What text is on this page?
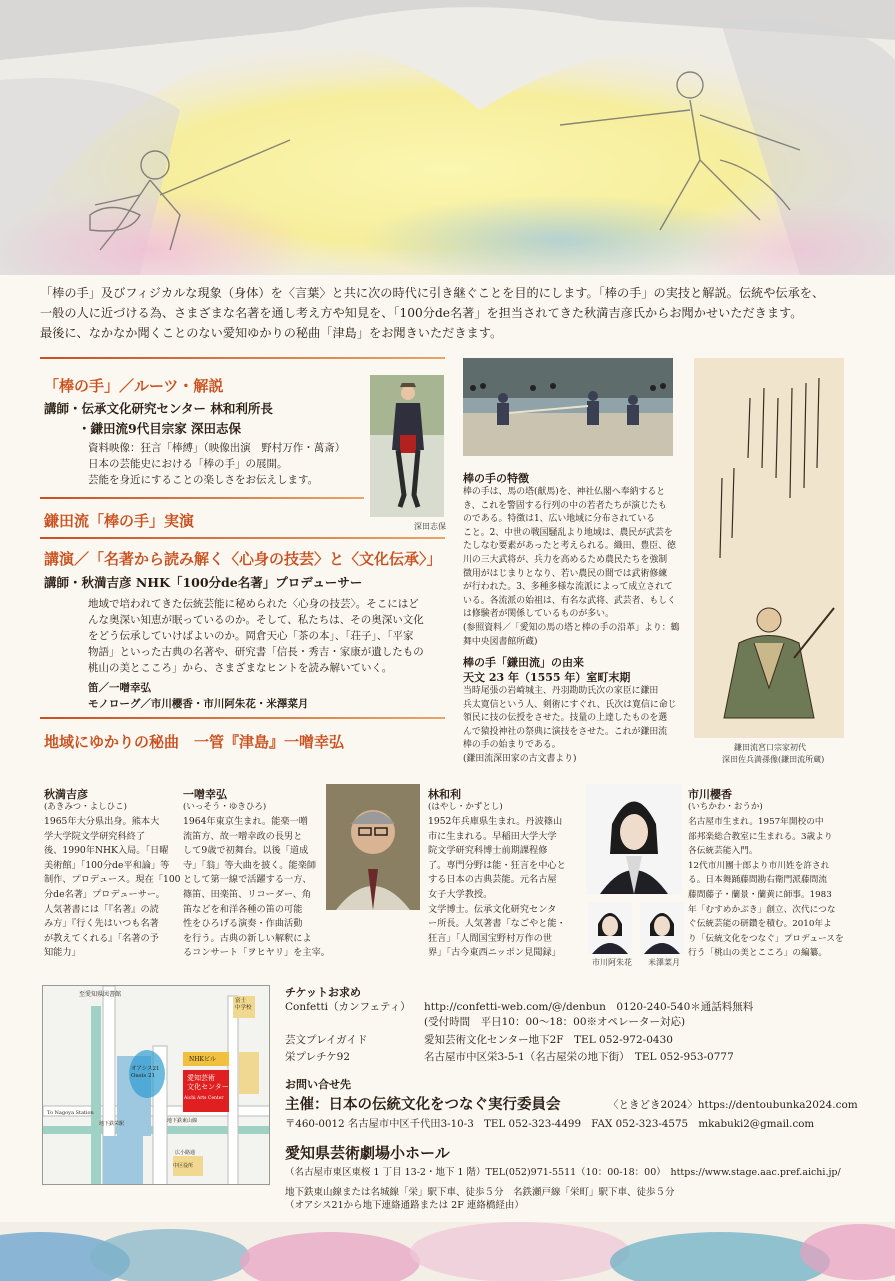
「棒の手」及びフィジカルな現象（身体）を〈言葉〉と共に次の時代に引き継ぐことを目的にします。「棒の手」の実技と解説。伝統や伝承を、

一般の人に近づける為、さまざまな名著を通し考え方や知見を、「100分de名著」を担当されてきた秋満吉彦氏からお聞かせいただきます。

最後に、なかなか聞くことのない愛知ゆかりの秘曲「津島」をお聞きいただきます。

「棒の手」／ルーツ・解説
講師・伝承文化研究センター 林和利所長
・鎌田流9代目宗家 深田志保
資料映像：狂言「棒縛」（映像出演　野村万作・萬斎）
日本の芸能史における「棒の手」の展開。
芸能を身近にすることの楽しさをお伝えします。
深田志保
鎌田流「棒の手」実演
講演／「名著から読み解く〈心身の技芸〉と〈文化伝承〉」
講師・秋満吉彦 NHK「100分de名著」プロデューサー
地域で培われてきた伝統芸能に秘められた〈心身の技芸〉。そこにはど
んな奥深い知恵が眠っているのか。そして、私たちは、その奥深い文化
をどう伝承していけばよいのか。岡倉天心「茶の本」、「荘子」、「平家
物語」といった古典の名著や、研究書「信長・秀吉・家康が遺したもの
桃山の美とこころ」から、さまざまなヒントを読み解いていく。
笛／一噌幸弘
モノローグ／市川櫻香・市川阿朱花・米澤菜月
地域にゆかりの秘曲　一管『津島』一噌幸弘
棒の手の特徴
棒の手は、馬の塔(献馬)を、神社仏閣へ奉納すると
き、これを警固する行列の中の若者たちが演じたも
のである。特徴は1、広い地域に分布されている
こと。2、中世の戦国騒乱より地域は、農民が武芸を
たしなむ要素があったと考えられる。織田、豊臣、徳
川の三大武将が、兵力を高めるため農民たちを強制
徴用がはじまりとなり、若い農民の間では武術修練
が行われた。3、多種多様な流派によって成立されて
いる。各流派の始祖は、有名な武将、武芸者、もしく
は修験者が関係しているものが多い。
(参照資料／「愛知の馬の塔と棒の手の沿革」より：鶴
舞中央図書館所蔵)
棒の手「鎌田流」の由来
天文 23 年（1555 年）室町末期
当時尾張の岩崎城主、丹羽勘助氏次の家臣に鎌田
兵太寛信という人、剣術にすぐれ、氏次は寛信に命じ
領民に技の伝授をさせた。技量の上達したものを選
んで猿投神社の祭典に演技をさせた。これが鎌田流
棒の手の始まりである。
(鎌田流深田家の古文書より)
鎌田流宮口宗家初代
深田佐兵満孫像(鎌田流所蔵)
秋満吉彦
(あきみつ・よしひこ)
1965年大分県出身。熊本大
学大学院文学研究科終了
後、1990年NHK入局。「日曜
美術館」「100分de平和論」等
制作、プロデュース。現在「100
分de名著」プロデューサー。
人気著書には「『名著』の読
み方」『行く先はいつも名著
が教えてくれる』「名著の予
知能力」
一噌幸弘
(いっそう・ゆきひろ)
1964年東京生まれ。能楽一噌
流笛方、故一噌幸政の長男と
して9歳で初舞台。以後「道成
寺」「翁」等大曲を披く。能楽師
として第一線で活躍する一方、
篠笛、田楽笛、リコーダー、角
笛などを和洋各種の笛の可能
性をひろげる演奏・作曲活動
を行う。古典の新しい解釈によ
るコンサート「ヲヒヤリ」を主宰。
林和利
(はやし・かずとし)
1952年兵庫県生まれ。丹波篠山
市に生まれる。早稲田大学大学
院文学研究科博士前期課程修
了。専門分野は能・狂言を中心と
する日本の古典芸能。元名古屋
女子大学教授。
文学博士。伝承文化研究センタ
ー所長。人気著書「なごやと能・
狂言」「人間国宝野村万作の世
界」「古今東西ニッポン見聞録」
市川阿朱花 米澤菜月
市川櫻香
(いちかわ・おうか)
名古屋市生まれ。1957年開校の中
部邦楽総合教室に生まれる。3歳より
各伝統芸能入門。
12代市川團十郎より市川姓を許され
る。日本舞踊藤間勘右衛門派藤間流
藤間藤子・蘭景・蘭黄に師事。1983
年「むすめかぶき」創立、次代につな
ぐ伝統芸能の研鑽を積む。2010年よ
り「伝統文化をつなぐ」プロデュースを
行う「桃山の美とこころ」の編纂。
至愛知県図書館
愛知芸術
文化センター
Aichi Arts Center
NHKビル
オアシス21
Oasis 21
富士
中学校
地下鉄東山線
地下鉄栄駅
広小路通
中区役所
To Nagoya Station
チケットお求め
Confetti（カンフェティ） http://confetti-web.com/@/denbun　0120-240-540＊通話料無料
(受付時間　平日10：00～18：00※オペレーター対応)
芸文プレイガイド	愛知芸術文化センター地下2F　TEL 052-972-0430
栄プレチケ92	名古屋市中区栄3-5-1（名古屋栄の地下街）　TEL 052-953-0777
お問い合せ先
主催：日本の伝統文化をつなぐ実行委員会	〈ときどき2024〉https://dentoubunka2024.com
〒460-0012 名古屋市中区千代田3-10-3　TEL 052-323-4499　FAX 052-323-4575　mkabuki2@gmail.com
愛知県芸術劇場小ホール
（名古屋市東区東桜 1 丁目 13-2・地下 1 階）TEL(052)971-5511（10：00-18：00）　https://www.stage.aac.pref.aichi.jp/
地下鉄東山線または名城線「栄」駅下車、徒歩５分　名鉄瀬戸線「栄町」駅下車、徒歩５分
（オアシス21から地下連絡通路または 2F 連絡橋経由）
